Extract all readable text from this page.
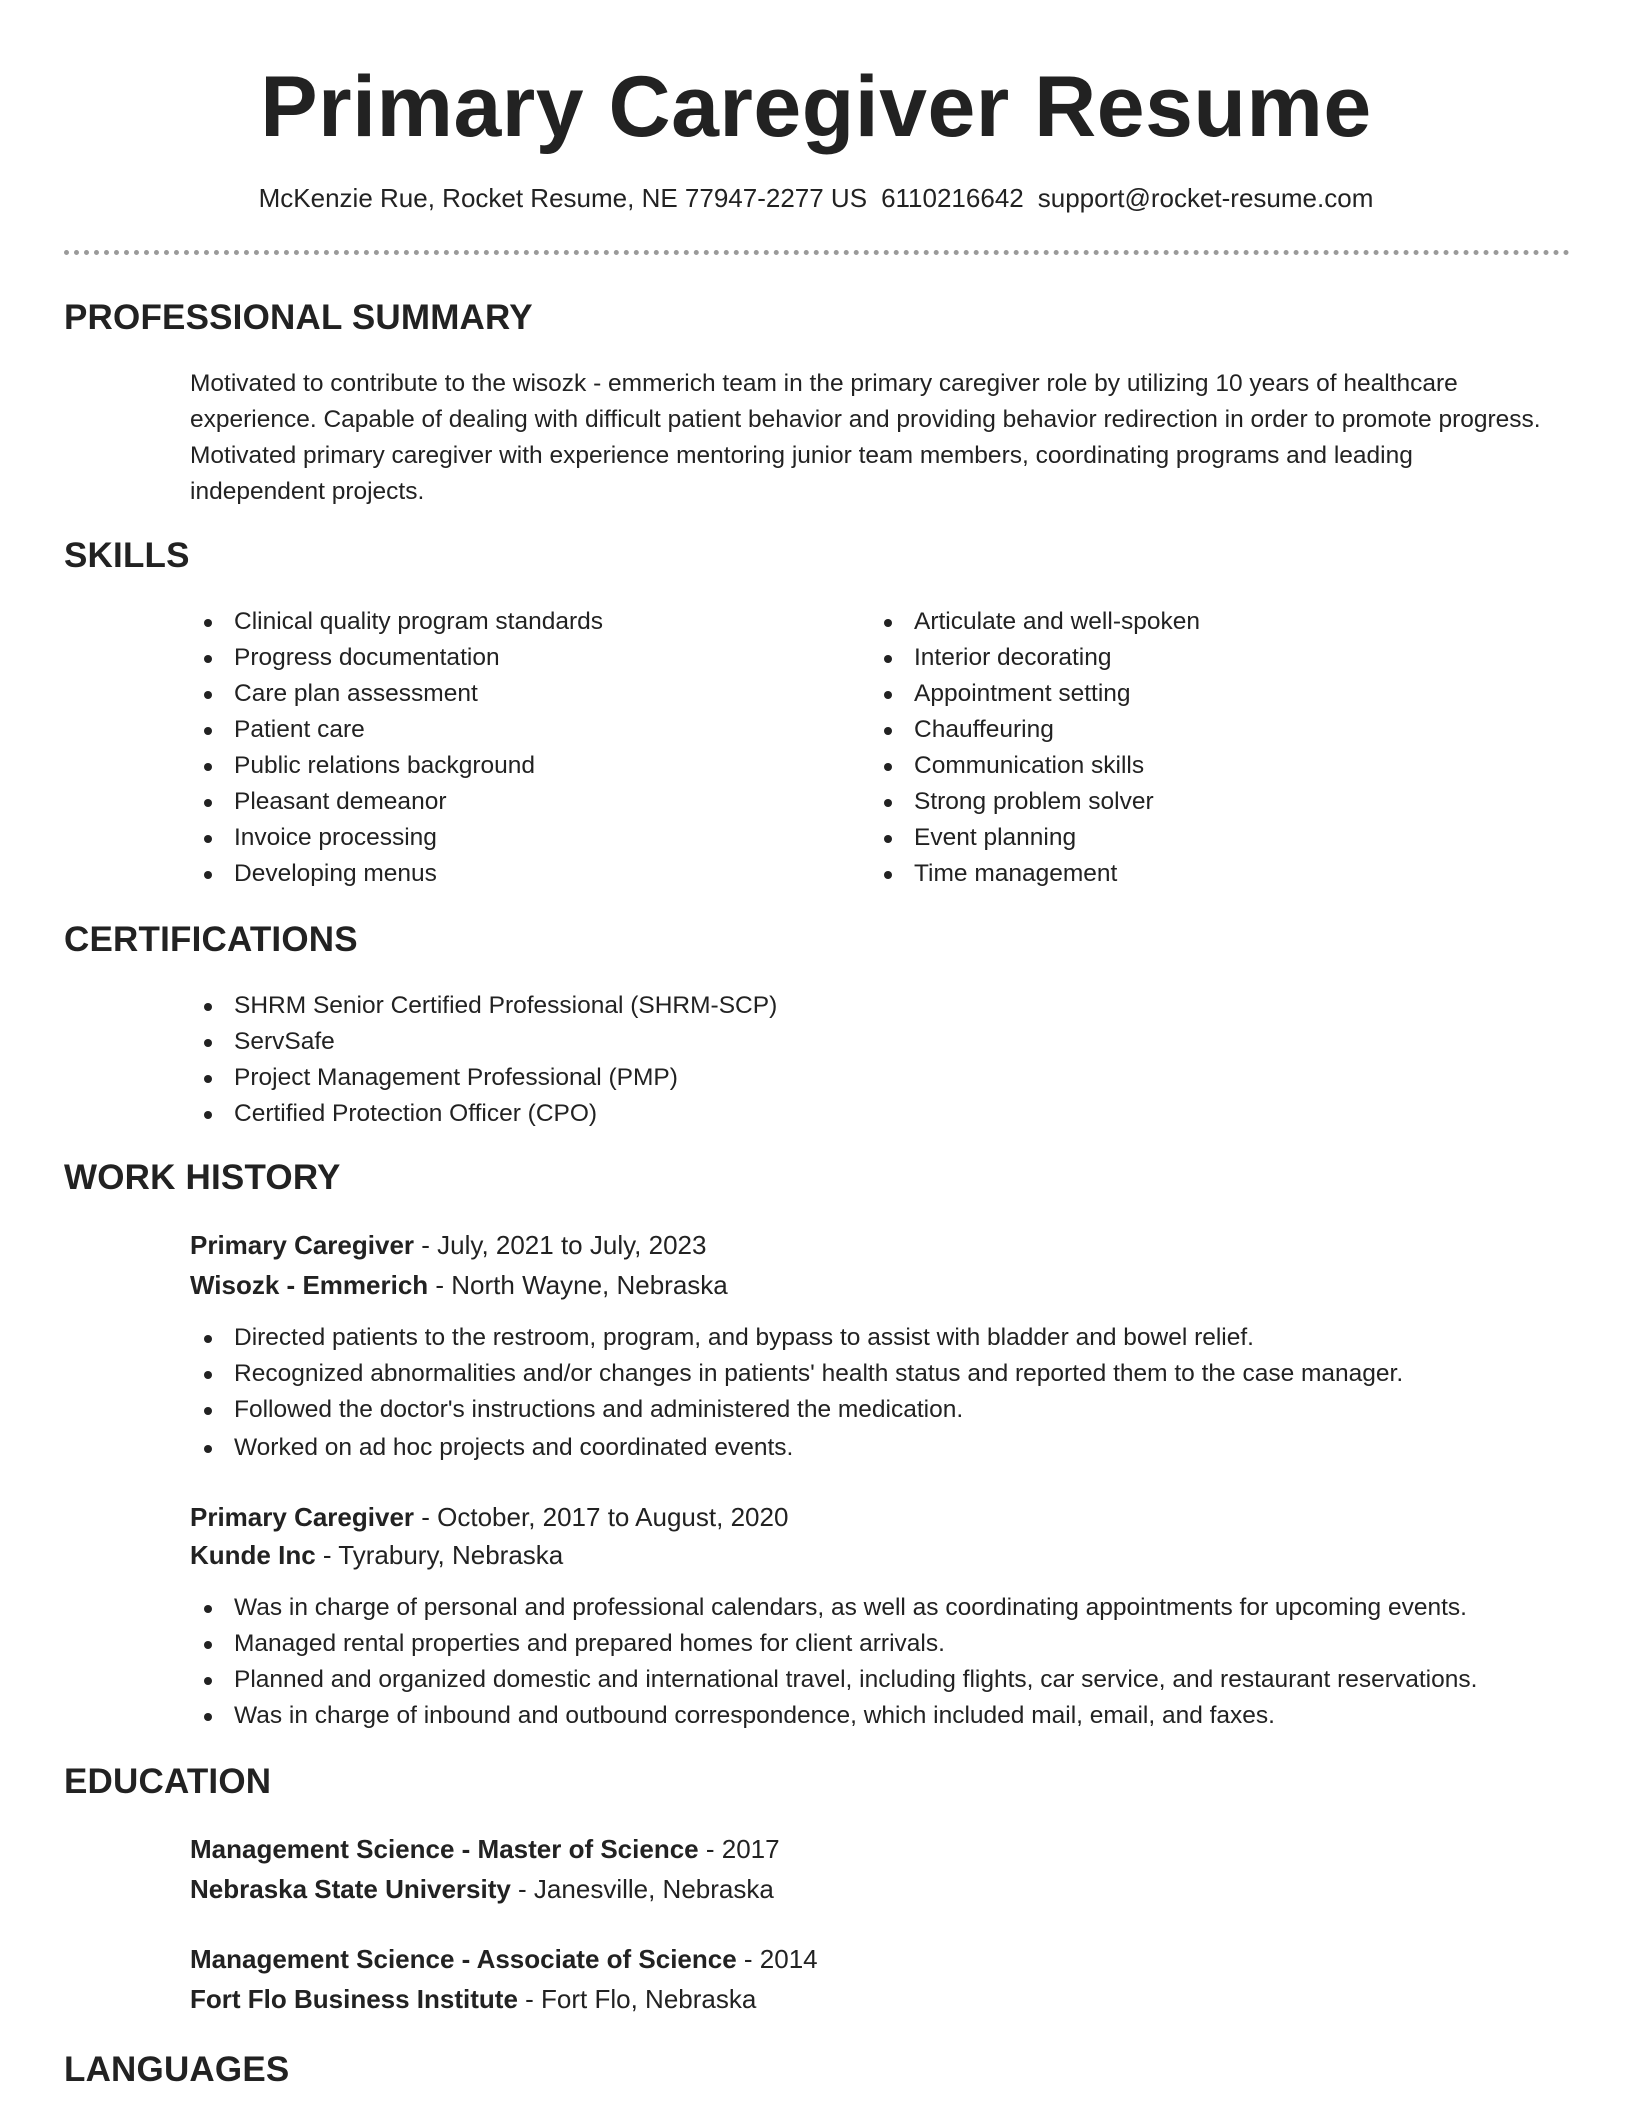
Primary Caregiver Resume
McKenzie Rue, Rocket Resume, NE 77947-2277 US 6110216642 support@rocket-resume.com
PROFESSIONAL SUMMARY
Motivated to contribute to the wisozk - emmerich team in the primary caregiver role by utilizing 10 years of healthcare
experience. Capable of dealing with difficult patient behavior and providing behavior redirection in order to promote progress.
Motivated primary caregiver with experience mentoring junior team members, coordinating programs and leading
independent projects.
SKILLS
Clinical quality program standards
Progress documentation
Care plan assessment
Patient care
Public relations background
Pleasant demeanor
Invoice processing
Developing menus
Articulate and well-spoken
Interior decorating
Appointment setting
Chauffeuring
Communication skills
Strong problem solver
Event planning
Time management
CERTIFICATIONS
SHRM Senior Certified Professional (SHRM-SCP)
ServSafe
Project Management Professional (PMP)
Certified Protection Officer (CPO)
WORK HISTORY
Primary Caregiver - July, 2021 to July, 2023
Wisozk - Emmerich - North Wayne, Nebraska
Directed patients to the restroom, program, and bypass to assist with bladder and bowel relief.
Recognized abnormalities and/or changes in patients' health status and reported them to the case manager.
Followed the doctor's instructions and administered the medication.
Worked on ad hoc projects and coordinated events.
Primary Caregiver - October, 2017 to August, 2020
Kunde Inc - Tyrabury, Nebraska
Was in charge of personal and professional calendars, as well as coordinating appointments for upcoming events.
Managed rental properties and prepared homes for client arrivals.
Planned and organized domestic and international travel, including flights, car service, and restaurant reservations.
Was in charge of inbound and outbound correspondence, which included mail, email, and faxes.
EDUCATION
Management Science - Master of Science - 2017
Nebraska State University - Janesville, Nebraska
Management Science - Associate of Science - 2014
Fort Flo Business Institute - Fort Flo, Nebraska
LANGUAGES
